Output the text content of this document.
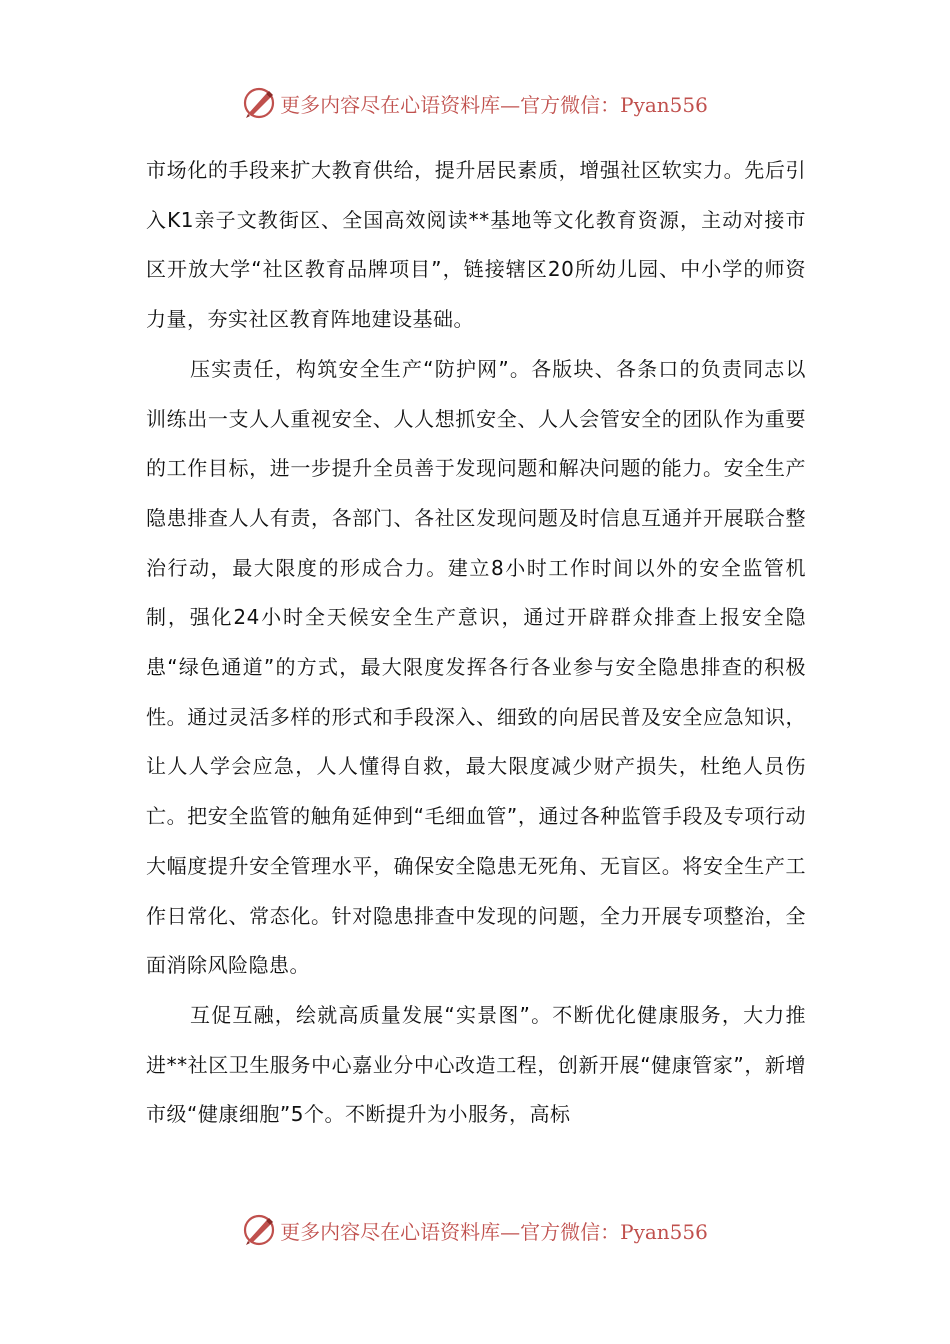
更多内容尽在心语资料库—官方微信：Pyan556

市场化的手段来扩大教育供给，提升居民素质，增强社区软实力。先后引入K1亲子文教街区、全国高效阅读**基地等文化教育资源，主动对接市区开放大学“社区教育品牌项目”，链接辖区20所幼儿园、中小学的师资力量，夯实社区教育阵地建设基础。

压实责任，构筑安全生产“防护网”。各版块、各条口的负责同志以训练出一支人人重视安全、人人想抓安全、人人会管安全的团队作为重要的工作目标，进一步提升全员善于发现问题和解决问题的能力。安全生产隐患排查人人有责，各部门、各社区发现问题及时信息互通并开展联合整治行动，最大限度的形成合力。建立8小时工作时间以外的安全监管机制，强化24小时全天候安全生产意识，通过开辟群众排查上报安全隐患“绿色通道”的方式，最大限度发挥各行各业参与安全隐患排查的积极性。通过灵活多样的形式和手段深入、细致的向居民普及安全应急知识，让人人学会应急，人人懂得自救，最大限度减少财产损失，杜绝人员伤亡。把安全监管的触角延伸到“毛细血管”，通过各种监管手段及专项行动大幅度提升安全管理水平，确保安全隐患无死角、无盲区。将安全生产工作日常化、常态化。针对隐患排查中发现的问题，全力开展专项整治，全面消除风险隐患。

互促互融，绘就高质量发展“实景图”。不断优化健康服务，大力推进**社区卫生服务中心嘉业分中心改造工程，创新开展“健康管家”，新增市级“健康细胞”5个。不断提升为小服务，高标

更多内容尽在心语资料库—官方微信：Pyan556
